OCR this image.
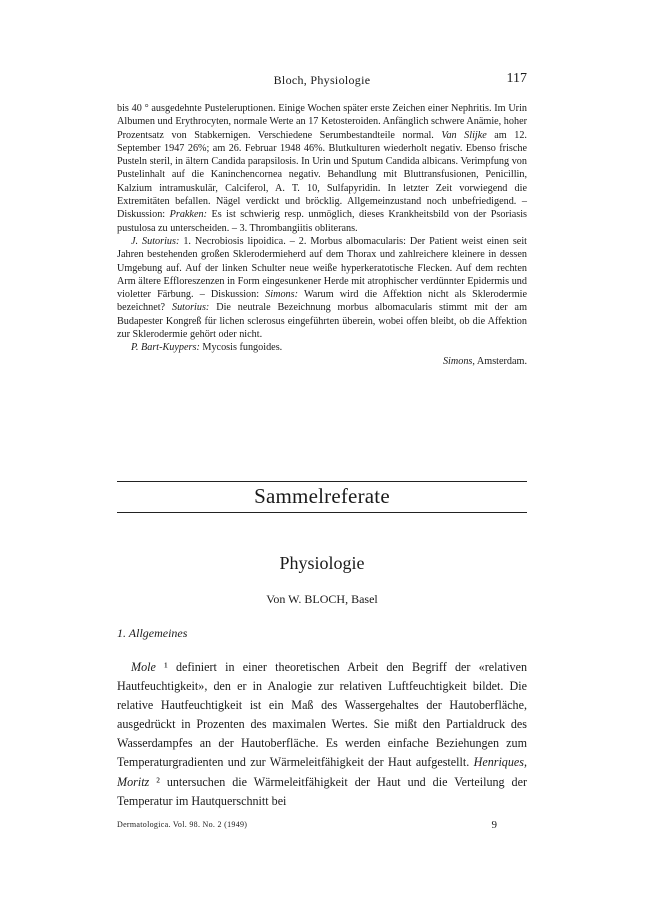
Bloch, Physiologie	117

bis 40 ° ausgedehnte Pusteleruptionen. Einige Wochen später erste Zeichen einer Nephritis. Im Urin Albumen und Erythrocyten, normale Werte an 17 Ketosteroiden. Anfänglich schwere Anämie, hoher Prozentsatz von Stabkernigen. Verschiedene Serumbestandteile normal. Van Slijke am 12. September 1947 26%; am 26. Februar 1948 46%. Blutkulturen wiederholt negativ. Ebenso frische Pusteln steril, in ältern Candida parapsilosis. In Urin und Sputum Candida albicans. Verimpfung von Pustelinhalt auf die Kaninchencornea negativ. Behandlung mit Bluttransfusionen, Penicillin, Kalzium intramuskulär, Calciferol, A. T. 10, Sulfapyridin. In letzter Zeit vorwiegend die Extremitäten befallen. Nägel verdickt und bröcklig. Allgemeinzustand noch unbefriedigend. – Diskussion: Prakken: Es ist schwierig resp. unmöglich, dieses Krankheitsbild von der Psoriasis pustulosa zu unterscheiden. – 3. Thrombangiitis obliterans.

J. Sutorius: 1. Necrobiosis lipoidica. – 2. Morbus albomacularis: Der Patient weist einen seit Jahren bestehenden großen Sklerodermieherd auf dem Thorax und zahlreichere kleinere in dessen Umgebung auf. Auf der linken Schulter neue weiße hyperkeratotische Flecken. Auf dem rechten Arm ältere Effloreszenzen in Form eingesunkener Herde mit atrophischer verdünnter Epidermis und violetter Färbung. – Diskussion: Simons: Warum wird die Affektion nicht als Sklerodermie bezeichnet? Sutorius: Die neutrale Bezeichnung morbus albomacularis stimmt mit der am Budapester Kongreß für lichen sclerosus eingeführten überein, wobei offen bleibt, ob die Affektion zur Sklerodermie gehört oder nicht.

P. Bart-Kuypers: Mycosis fungoides.

Simons, Amsterdam.

Sammelreferate
Physiologie
Von W. BLOCH, Basel
1. Allgemeines

Mole ¹ definiert in einer theoretischen Arbeit den Begriff der «relativen Hautfeuchtigkeit», den er in Analogie zur relativen Luftfeuchtigkeit bildet. Die relative Hautfeuchtigkeit ist ein Maß des Wassergehaltes der Hautoberfläche, ausgedrückt in Prozenten des maximalen Wertes. Sie mißt den Partialdruck des Wasserdampfes an der Hautoberfläche. Es werden einfache Beziehungen zum Temperaturgradienten und zur Wärmeleitfähigkeit der Haut aufgestellt. Henriques, Moritz ² untersuchen die Wärmeleitfähigkeit der Haut und die Verteilung der Temperatur im Hautquerschnitt bei

Dermatologica. Vol. 98. No. 2 (1949)	9
